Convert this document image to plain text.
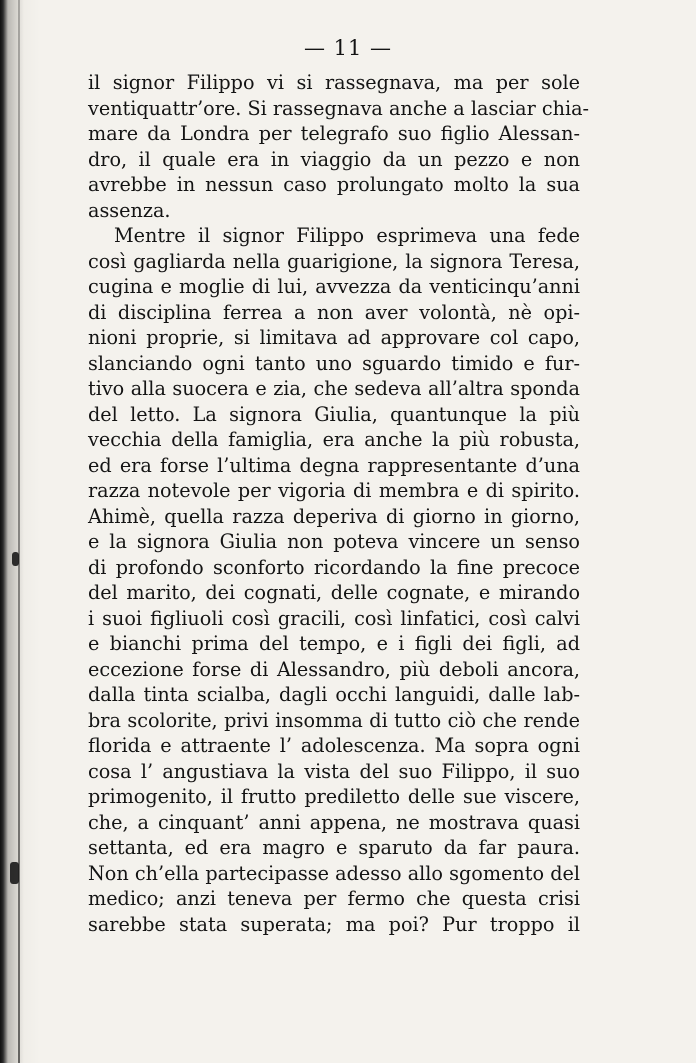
— 11 —
il signor Filippo vi si rassegnava, ma per sole
ventiquattr’ore. Si rassegnava anche a lasciar chia-
mare da Londra per telegrafo suo figlio Alessan-
dro, il quale era in viaggio da un pezzo e non
avrebbe in nessun caso prolungato molto la sua
assenza.
Mentre il signor Filippo esprimeva una fede
così gagliarda nella guarigione, la signora Teresa,
cugina e moglie di lui, avvezza da venticinqu’anni
di disciplina ferrea a non aver volontà, nè opi-
nioni proprie, si limitava ad approvare col capo,
slanciando ogni tanto uno sguardo timido e fur-
tivo alla suocera e zia, che sedeva all’altra sponda
del letto. La signora Giulia, quantunque la più
vecchia della famiglia, era anche la più robusta,
ed era forse l’ultima degna rappresentante d’una
razza notevole per vigoria di membra e di spirito.
Ahimè, quella razza deperiva di giorno in giorno,
e la signora Giulia non poteva vincere un senso
di profondo sconforto ricordando la fine precoce
del marito, dei cognati, delle cognate, e mirando
i suoi figliuoli così gracili, così linfatici, così calvi
e bianchi prima del tempo, e i figli dei figli, ad
eccezione forse di Alessandro, più deboli ancora,
dalla tinta scialba, dagli occhi languidi, dalle lab-
bra scolorite, privi insomma di tutto ciò che rende
florida e attraente l’ adolescenza. Ma sopra ogni
cosa l’ angustiava la vista del suo Filippo, il suo
primogenito, il frutto prediletto delle sue viscere,
che, a cinquant’ anni appena, ne mostrava quasi
settanta, ed era magro e sparuto da far paura.
Non ch’ella partecipasse adesso allo sgomento del
medico; anzi teneva per fermo che questa crisi
sarebbe stata superata; ma poi? Pur troppo il
